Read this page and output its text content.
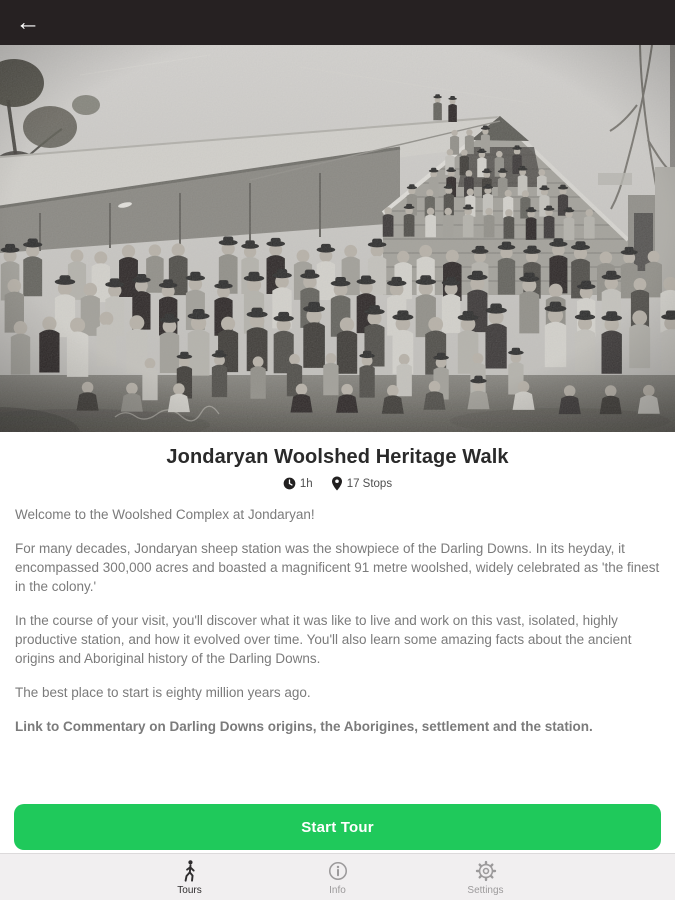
←
Jondaryan Woolshed Heritage Walk
1h	17 Stops

Welcome to the Woolshed Complex at Jondaryan!

For many decades, Jondaryan sheep station was the showpiece of the Darling Downs. In its heyday, it encompassed 300,000 acres and boasted a magnificent 91 metre woolshed, widely celebrated as 'the finest in the colony.'

In the course of your visit, you'll discover what it was like to live and work on this vast, isolated, highly productive station, and how it evolved over time. You'll also learn some amazing facts about the ancient origins and Aboriginal history of the Darling Downs.

The best place to start is eighty million years ago.

Link to Commentary on Darling Downs origins, the Aborigines, settlement and the station.

Start Tour
Tours	Info	Settings
